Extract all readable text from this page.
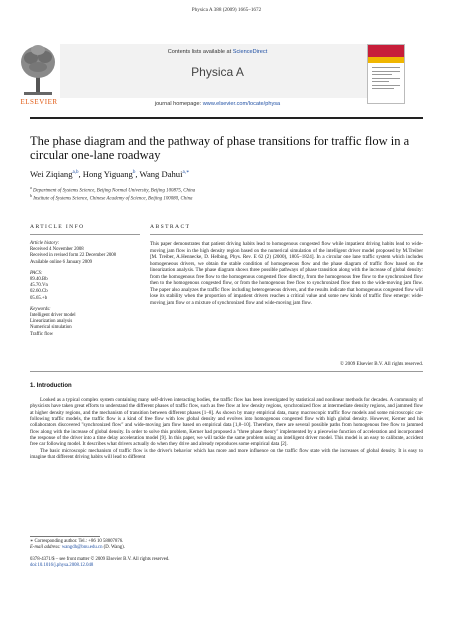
Physica A 388 (2009) 1665–1672
ELSEVIER
Contents lists available at ScienceDirect
Physica A
journal homepage: www.elsevier.com/locate/physa
The phase diagram and the pathway of phase transitions for traffic flow in a circular one-lane roadway
Wei Ziqiang$^{a,b}$, Hong Yiguang$^b$, Wang Dahui$^{a,∗}$
$^a$ Department of Systems Science, Beijing Normal University, Beijing 100875, China
$^b$ Institute of Systems Science, Chinese Academy of Science, Beijing 100080, China
ARTICLE INFO	ABSTRACT
Article history:
Received 4 November 2008
Received in revised form 22 December 2008
Available online 6 January 2009
PACS:
89.40.Bb
45.70.Vn
02.60.Cb
05.65.+b
Keywords:
Intelligent driver model
Linearization analysis
Numerical simulation
Traffic flow
This paper demonstrates that patient driving habits lead to homogenous congested flow while impatient driving habits lead to wide-moving jam flow in the high density region based on the numerical simulation of the intelligent driver model proposed by M.Treiber [M. Treiber, A.Hennecke, D. Helbing, Phys. Rev. E 62 (2) (2000), 1805–1824]. In a circular one lane traffic system which includes homogeneous drivers, we obtain the stable condition of homogeneous flow and the phase diagram of traffic flow based on the linearization analysis. The phase diagram shows three possible pathways of phase transition along with the increase of global density: from the homogenous free flow to the homogenous congested flow directly, from the homogenous free flow to the synchronized flow then to the homogenous congested flow, or from the homogenous free flow to synchronized flow then to the wide-moving jam flow. The paper also analyzes the traffic flow including heterogeneous drivers, and the results indicate that homogenous congested flow will lose its stability when the proportion of impatient drivers reaches a critical value and some new kinds of traffic flow emerge: wide-moving jam flow or a mixture of synchronized flow and wide-moving jam flow.
© 2009 Elsevier B.V. All rights reserved.
1. Introduction

Looked as a typical complex system containing many self-driven interacting bodies, the traffic flow has been investigated by statistical and nonlinear methods for decades. A community of physicists have taken great efforts to understand the different phases of traffic flow, such as free flow at low density regions, synchronized flow at intermediate density regions, and jammed flow at higher density regions, and the mechanism of transition between different phases [1–8]. As shown by many empirical data, many macroscopic traffic flow models and some microscopic car-following traffic models, the traffic flow is a kind of free flow with low global density and evolves into homogenous congested flow with high global density. However, Kerner and his collaborators discovered "synchronized flow" and wide-moving jam flow based on empirical data [1,8–10]. Therefore, there are several possible paths from homogenous free flow to jammed flow along with the increase of global density. In order to solve this problem, Kerner had proposed a "three phase theory" implemented by a piecewise function of acceleration and incorporated the response of the driver into a time delay acceleration model [9]. In this paper, we will tackle the same problem using an intelligent driver model. This model is an easy to calibrate, accident free car following model. It describes what drivers actually do when they drive and already reproduces some empirical data [2].

The basic microscopic mechanism of traffic flow is the driver's behavior which has more and more influence on the traffic flow state with the increases of global density. It is easy to imagine that different driving habits will lead to different

∗ Corresponding author. Tel.: +86 10 58807876.
E-mail address: wangdh@bnu.edu.cn (D. Wang).
0378-4371/$ – see front matter © 2009 Elsevier B.V. All rights reserved.
doi:10.1016/j.physa.2008.12.048
